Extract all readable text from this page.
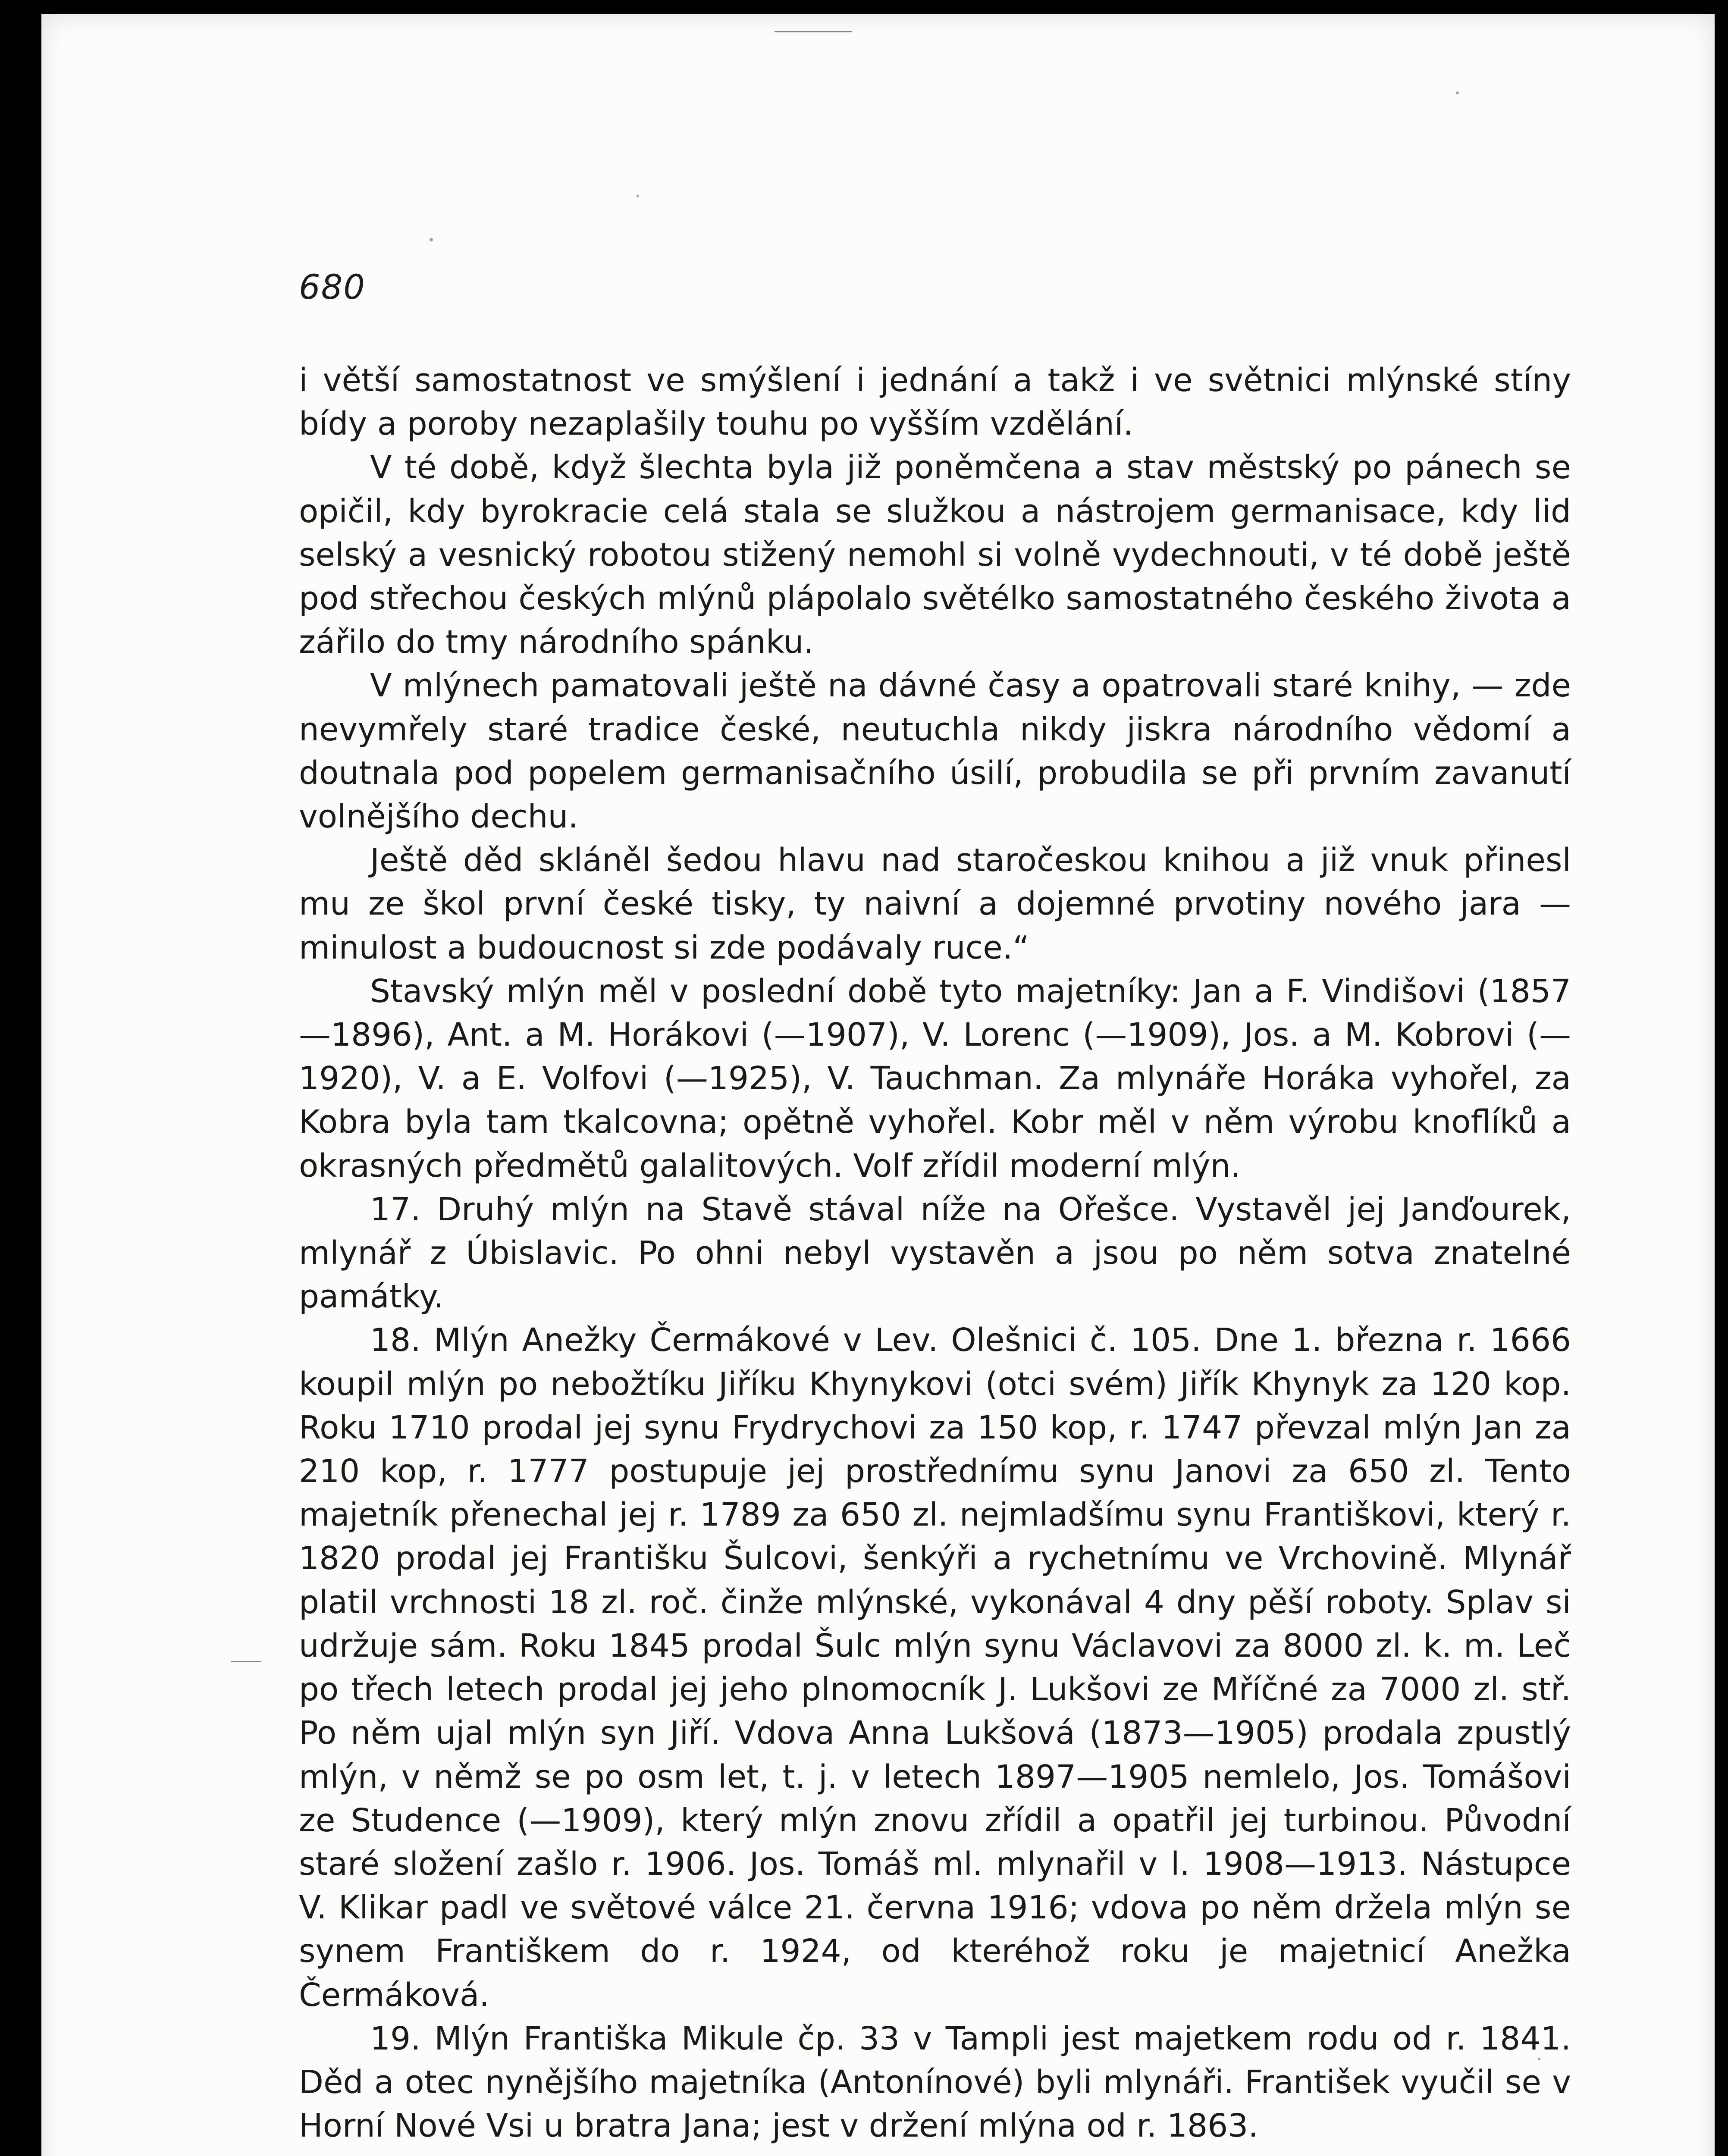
680

i větší samostatnost ve smýšlení i jednání a takž i ve světnici mlýnské stíny bídy a poroby nezaplašily touhu po vyšším vzdělání.

V té době, když šlechta byla již poněmčena a stav městský po pánech se opičil, kdy byrokracie celá stala se služkou a nástrojem germanisace, kdy lid selský a vesnický robotou stižený nemohl si volně vydechnouti, v té době ještě pod střechou českých mlýnů plápolalo světélko samostatného českého života a zářilo do tmy národního spánku.

V mlýnech pamatovali ještě na dávné časy a opatrovali staré knihy, — zde nevymřely staré tradice české, neutuchla nikdy jiskra národního vědomí a doutnala pod popelem germanisačního úsilí, probudila se při prvním zavanutí volnějšího dechu.

Ještě děd skláněl šedou hlavu nad staročeskou knihou a již vnuk přinesl mu ze škol první české tisky, ty naivní a dojemné prvotiny nového jara — minulost a budoucnost si zde podávaly ruce.“

Stavský mlýn měl v poslední době tyto majetníky: Jan a F. Vindišovi (1857—1896), Ant. a M. Horákovi (—1907), V. Lorenc (—1909), Jos. a M. Kobrovi (—1920), V. a E. Volfovi (—1925), V. Tauchman. Za mlynáře Horáka vyhořel, za Kobra byla tam tkalcovna; opětně vyhořel. Kobr měl v něm výrobu knoflíků a okrasných předmětů galalitových. Volf zřídil moderní mlýn.

17. Druhý mlýn na Stavě stával níže na Ořešce. Vystavěl jej Janďourek, mlynář z Úbislavic. Po ohni nebyl vystavěn a jsou po něm sotva znatelné památky.

18. Mlýn Anežky Čermákové v Lev. Olešnici č. 105. Dne 1. března r. 1666 koupil mlýn po nebožtíku Jiříku Khynykovi (otci svém) Jiřík Khynyk za 120 kop. Roku 1710 prodal jej synu Frydrychovi za 150 kop, r. 1747 převzal mlýn Jan za 210 kop, r. 1777 postupuje jej prostřednímu synu Janovi za 650 zl. Tento majetník přenechal jej r. 1789 za 650 zl. nejmladšímu synu Františkovi, který r. 1820 prodal jej Františku Šulcovi, šenkýři a rychetnímu ve Vrchovině. Mlynář platil vrchnosti 18 zl. roč. činže mlýnské, vykonával 4 dny pěší roboty. Splav si udržuje sám. Roku 1845 prodal Šulc mlýn synu Václavovi za 8000 zl. k. m. Leč po třech letech prodal jej jeho plnomocník J. Lukšovi ze Mříčné za 7000 zl. stř. Po něm ujal mlýn syn Jiří. Vdova Anna Lukšová (1873—1905) prodala zpustlý mlýn, v němž se po osm let, t. j. v letech 1897—1905 nemlelo, Jos. Tomášovi ze Studence (—1909), který mlýn znovu zřídil a opatřil jej turbinou. Původní staré složení zašlo r. 1906. Jos. Tomáš ml. mlynařil v l. 1908—1913. Nástupce V. Klikar padl ve světové válce 21. června 1916; vdova po něm držela mlýn se synem Františkem do r. 1924, od kteréhož roku je majetnicí Anežka Čermáková.

19. Mlýn Františka Mikule čp. 33 v Tampli jest majetkem rodu od r. 1841. Děd a otec nynějšího majetníka (Antonínové) byli mlynáři. František vyučil se v Horní Nové Vsi u bratra Jana; jest v držení mlýna od r. 1863.
